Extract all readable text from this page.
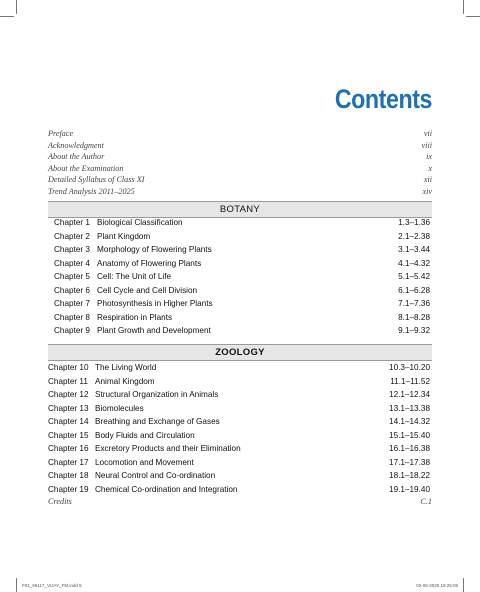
Contents
Preface	vii
Acknowledgment	viii
About the Author	ix
About the Examination	x
Detailed Syllabus of Class XI	xii
Trend Analysis 2011–2025	xiv
BOTANY
Chapter 1 Biological Classification	1.3–1.36
Chapter 2 Plant Kingdom	2.1–2.38
Chapter 3 Morphology of Flowering Plants	3.1–3.44
Chapter 4 Anatomy of Flowering Plants	4.1–4.32
Chapter 5 Cell: The Unit of Life	5.1–5.42
Chapter 6 Cell Cycle and Cell Division	6.1–6.28
Chapter 7 Photosynthesis in Higher Plants	7.1–7.36
Chapter 8 Respiration in Plants	8.1–8.28
Chapter 9 Plant Growth and Development	9.1–9.32
ZOOLOGY
Chapter 10 The Living World	10.3–10.20
Chapter 11 Animal Kingdom	11.1–11.52
Chapter 12 Structural Organization in Animals	12.1–12.34
Chapter 13 Biomolecules	13.1–13.38
Chapter 14 Breathing and Exchange of Gases	14.1–14.32
Chapter 15 Body Fluids and Circulation	15.1–15.40
Chapter 16 Excretory Products and their Elimination	16.1–16.38
Chapter 17 Locomotion and Movement	17.1–17.38
Chapter 18 Neural Control and Co-ordination	18.1–18.22
Chapter 19 Chemical Co-ordination and Integration	19.1–19.40
Credits	C.1
F01_96117_VIJAY_FM.indd 5	02-06-2025 18:25:08
